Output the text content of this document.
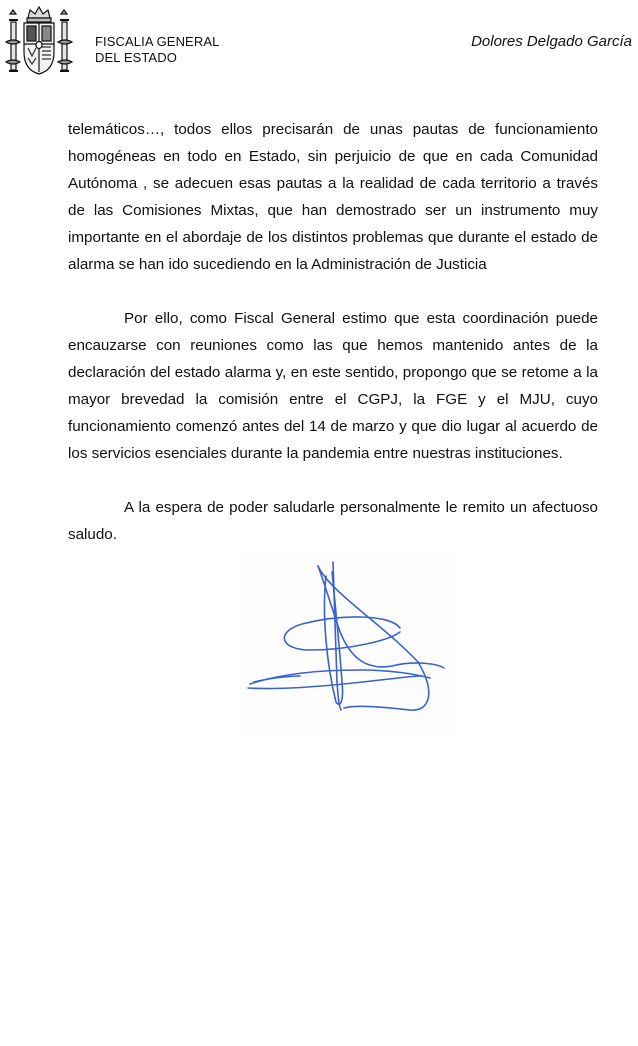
FISCALIA GENERAL
DEL ESTADO
Dolores Delgado García

telemáticos…, todos ellos precisarán de unas pautas de funcionamiento homogéneas en todo en Estado, sin perjuicio de que en cada Comunidad Autónoma , se adecuen esas pautas a la realidad de cada territorio a través de las Comisiones Mixtas, que han demostrado ser un instrumento muy importante en el abordaje de los distintos problemas que durante el estado de alarma se han ido sucediendo en la Administración de Justicia

Por ello, como Fiscal General estimo que esta coordinación puede encauzarse con reuniones como las que hemos mantenido antes de la declaración del estado alarma y, en este sentido, propongo que se retome a la mayor brevedad la comisión entre el CGPJ, la FGE y el MJU, cuyo funcionamiento comenzó antes del 14 de marzo y que dio lugar al acuerdo de los servicios esenciales durante la pandemia entre nuestras instituciones.

A la espera de poder saludarle personalmente le remito un afectuoso saludo.
